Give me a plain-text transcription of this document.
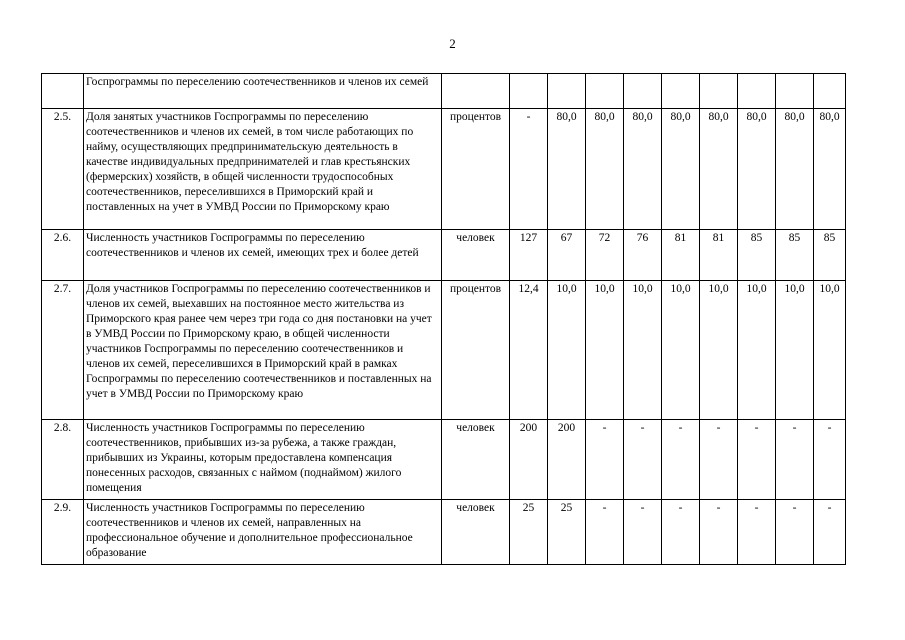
2
	Госпрограммы по переселению соотечественников и членов их семей										
2.5.	Доля занятых участников Госпрограммы по переселению соотечественников и членов их семей, в том числе работающих по найму, осуществляющих предпринимательскую деятельность в качестве индивидуальных предпринимателей и глав крестьянских (фермерских) хозяйств, в общей численности трудоспособных соотечественников, переселившихся в Приморский край и поставленных на учет в УМВД России по Приморскому краю	процентов	-	80,0	80,0	80,0	80,0	80,0	80,0	80,0	80,0
2.6.	Численность участников Госпрограммы по переселению соотечественников и членов их семей, имеющих трех и более детей	человек	127	67	72	76	81	81	85	85	85
2.7.	Доля участников Госпрограммы по переселению соотечественников и членов их семей, выехавших на постоянное место жительства из Приморского края ранее чем через три года со дня постановки на учет в УМВД России по Приморскому краю, в общей численности участников Госпрограммы по переселению соотечественников и членов их семей, переселившихся в Приморский край в рамках Госпрограммы по переселению соотечественников и поставленных на учет в УМВД России по Приморскому краю	процентов	12,4	10,0	10,0	10,0	10,0	10,0	10,0	10,0	10,0
2.8.	Численность участников Госпрограммы по переселению соотечественников, прибывших из-за рубежа, а также граждан, прибывших из Украины, которым предоставлена компенсация понесенных расходов, связанных с наймом (поднаймом) жилого помещения	человек	200	200	-	-	-	-	-	-	-
2.9.	Численность участников Госпрограммы по переселению соотечественников и членов их семей, направленных на профессиональное обучение и дополнительное профессиональное образование	человек	25	25	-	-	-	-	-	-	-
